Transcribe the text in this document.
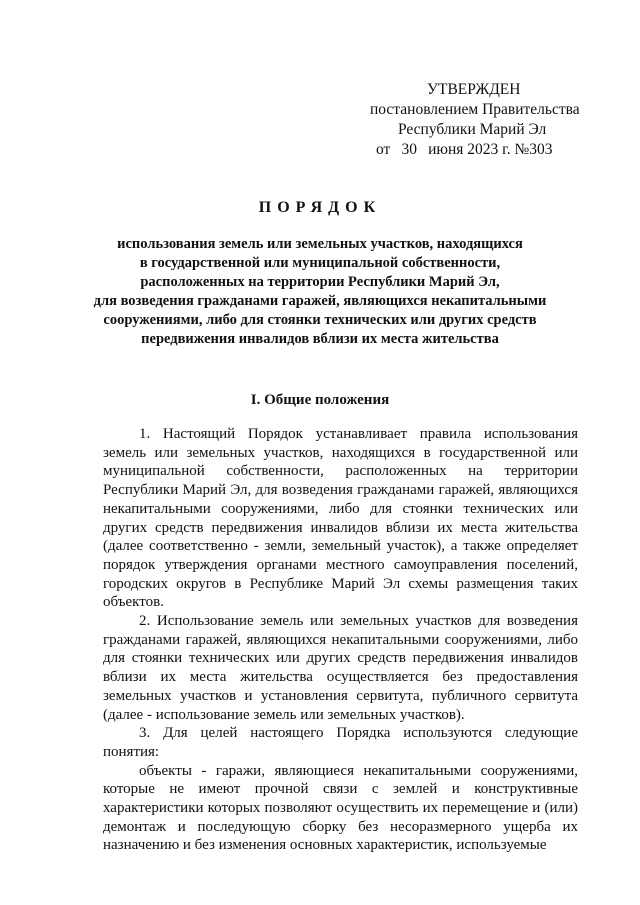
УТВЕРЖДЕН
постановлением Правительства
Республики Марий Эл
от 30 июня 2023 г. №303
ПОРЯДОК
использования земель или земельных участков, находящихся
в государственной или муниципальной собственности,
расположенных на территории Республики Марий Эл,
для возведения гражданами гаражей, являющихся некапитальными
сооружениями, либо для стоянки технических или других средств
передвижения инвалидов вблизи их места жительства
I. Общие положения

1. Настоящий Порядок устанавливает правила использования земель или земельных участков, находящихся в государственной или муниципальной собственности, расположенных на территории Республики Марий Эл, для возведения гражданами гаражей, являющихся некапитальными сооружениями, либо для стоянки технических или других средств передвижения инвалидов вблизи их места жительства (далее соответственно - земли, земельный участок), а также определяет порядок утверждения органами местного самоуправления поселений, городских округов в Республике Марий Эл схемы размещения таких объектов.

2. Использование земель или земельных участков для возведения гражданами гаражей, являющихся некапитальными сооружениями, либо для стоянки технических или других средств передвижения инвалидов вблизи их места жительства осуществляется без предоставления земельных участков и установления сервитута, публичного сервитута (далее - использование земель или земельных участков).

3. Для целей настоящего Порядка используются следующие понятия:

объекты - гаражи, являющиеся некапитальными сооружениями, которые не имеют прочной связи с землей и конструктивные характеристики которых позволяют осуществить их перемещение и (или) демонтаж и последующую сборку без несоразмерного ущерба их назначению и без изменения основных характеристик, используемые
